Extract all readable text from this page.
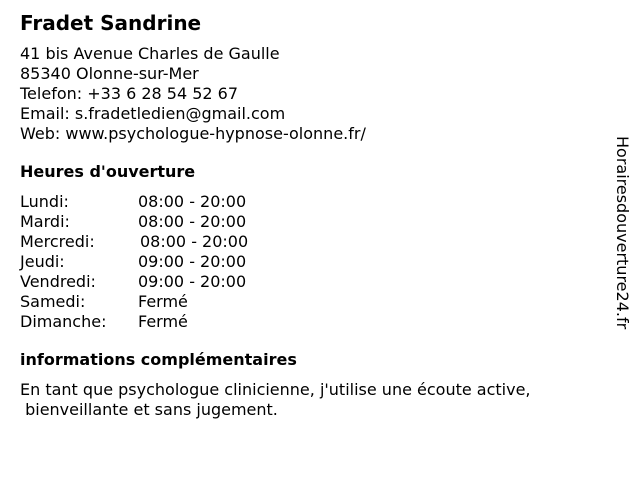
Fradet Sandrine
41 bis Avenue Charles de Gaulle
85340 Olonne-sur-Mer
Telefon: +33 6 28 54 52 67
Email: s.fradetledien@gmail.com
Web: www.psychologue-hypnose-olonne.fr/
Heures d'ouverture
Lundi:	08:00 - 20:00
Mardi:	08:00 - 20:00
Mercredi:	08:00 - 20:00
Jeudi:	09:00 - 20:00
Vendredi:	09:00 - 20:00
Samedi:	Fermé
Dimanche: Fermé
informations complémentaires
En tant que psychologue clinicienne, j'utilise une écoute active,
bienveillante et sans jugement.
Horairesdouverture24.fr
